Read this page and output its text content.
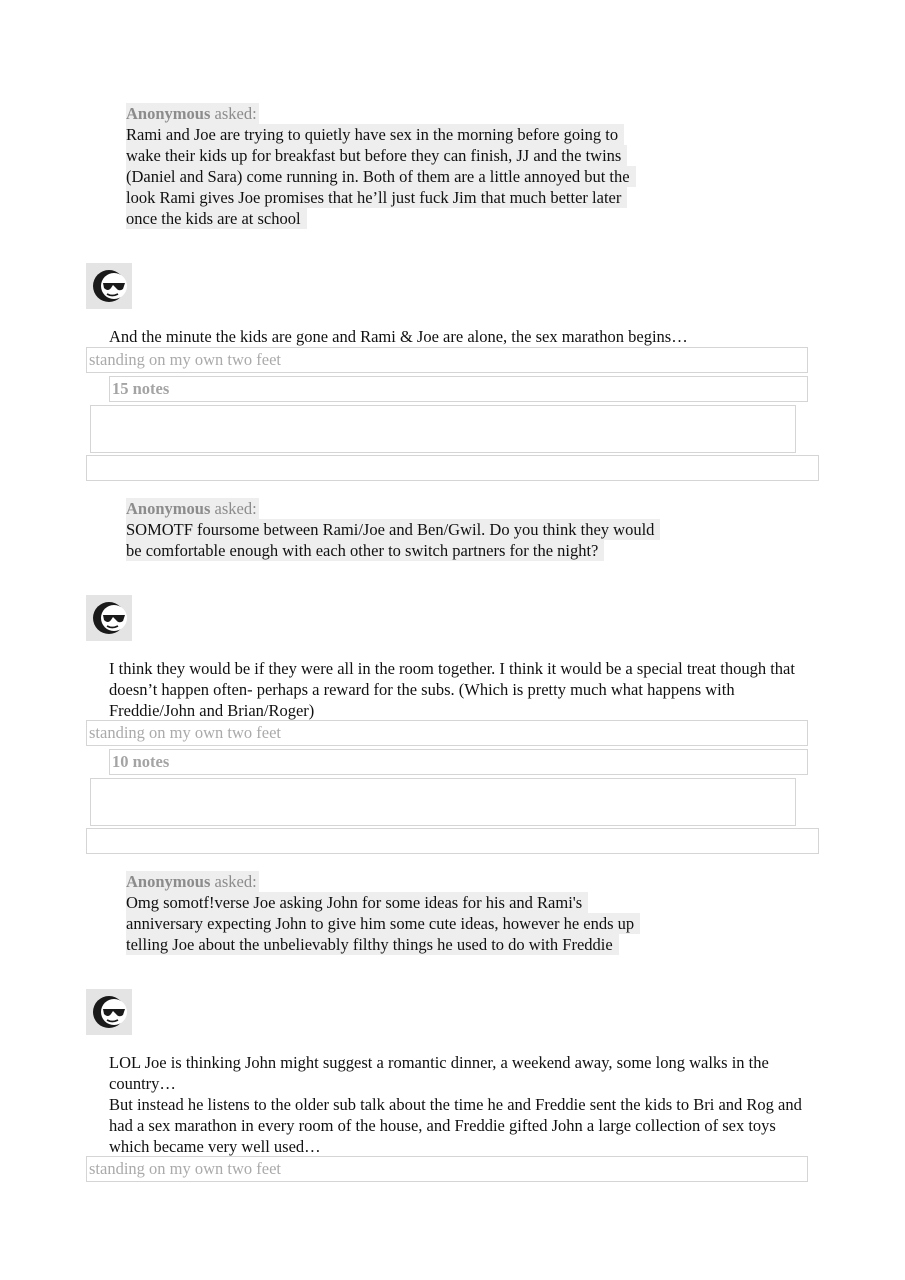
Anonymous asked:
Rami and Joe are trying to quietly have sex in the morning before going to
wake their kids up for breakfast but before they can finish, JJ and the twins
(Daniel and Sara) come running in. Both of them are a little annoyed but the
look Rami gives Joe promises that he’ll just fuck Jim that much better later
once the kids are at school

And the minute the kids are gone and Rami & Joe are alone, the sex marathon begins…

standing on my own two feet
15 notes
Anonymous asked:
SOMOTF foursome between Rami/Joe and Ben/Gwil. Do you think they would
be comfortable enough with each other to switch partners for the night?

I think they would be if they were all in the room together. I think it would be a special treat though that doesn’t happen often- perhaps a reward for the subs. (Which is pretty much what happens with Freddie/John and Brian/Roger)

standing on my own two feet
10 notes
Anonymous asked:
Omg somotf!verse Joe asking John for some ideas for his and Rami's
anniversary expecting John to give him some cute ideas, however he ends up
telling Joe about the unbelievably filthy things he used to do with Freddie

LOL Joe is thinking John might suggest a romantic dinner, a weekend away, some long walks in the country…

But instead he listens to the older sub talk about the time he and Freddie sent the kids to Bri and Rog and had a sex marathon in every room of the house, and Freddie gifted John a large collection of sex toys which became very well used…

standing on my own two feet
